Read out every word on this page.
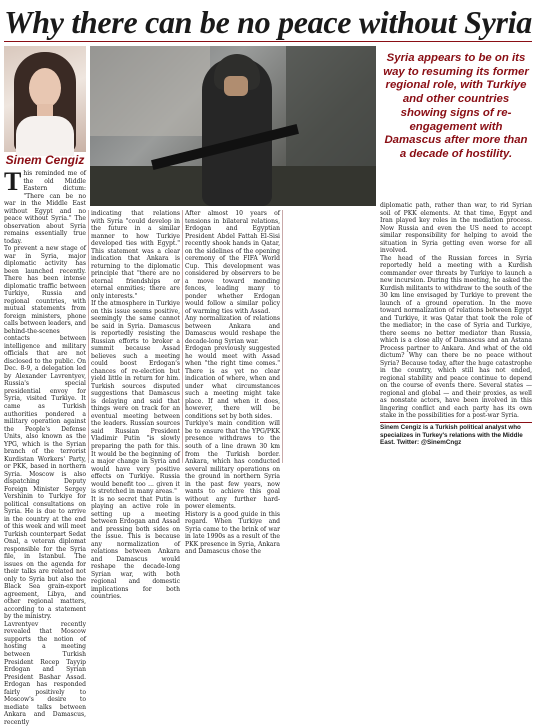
Why there can be no peace without Syria
Sinem Cengiz
Syria appears to be on its way to resuming its former regional role, with Turkiye and other countries showing signs of re-engagement with Damascus after more than a decade of hostility.
T his reminded me of the old Middle Eastern dictum: "There can be no war in the Middle East without Egypt and no peace without Syria." The observation about Syria remains essentially true today.

To prevent a new stage of war in Syria, major diplomatic activity has been launched recently. There has been intense diplomatic traffic between Turkiye, Russia and regional countries, with mutual statements from foreign ministers, phone calls between leaders, and behind-the-scenes contacts between intelligence and military officials that are not disclosed to the public. On Dec. 8-9, a delegation led by Alexander Lavrentyev, Russia's special presidential envoy for Syria, visited Turkiye. It came as Turkish authorities pondered a military operation against the People's Defense Units, also known as the YPG, which is the Syrian branch of the terrorist Kurdistan Workers' Party, or PKK, based in northern Syria. Moscow is also dispatching Deputy Foreign Minister Sergey Vershinin to Turkiye for political consultations on Syria. He is due to arrive in the country at the end of this week and will meet Turkish counterpart Sedat Onal, a veteran diplomat responsible for the Syria file, in Istanbul. The issues on the agenda for their talks are related not only to Syria but also the Black Sea grain-export agreement, Libya, and other regional matters, according to a statement by the ministry.

Lavrentyev recently revealed that Moscow supports the notion of hosting a meeting between Turkish President Recep Tayyip Erdogan and Syrian President Bashar Assad. Erdogan has responded fairly positively to Moscow's desire to mediate talks between Ankara and Damascus, recently

indicating that relations with Syria "could develop in the future in a similar manner to how Turkiye developed ties with Egypt." This statement was a clear indication that Ankara is returning to the diplomatic principle that "there are no eternal friendships or eternal enmities; there are only interests."

If the atmosphere in Turkiye on this issue seems positive, seemingly the same cannot be said in Syria. Damascus is reportedly resisting the Russian efforts to broker a summit because Assad believes such a meeting could boost Erdogan's chances of re-election but yield little in return for him. Turkish sources disputed suggestions that Damascus is delaying and said that things were on track for an eventual meeting between the leaders. Russian sources said Russian President Vladimir Putin "is slowly preparing the path for this. It would be the beginning of a major change in Syria and would have very positive effects on Turkiye. Russia would benefit too ... given it is stretched in many areas."

It is no secret that Putin is playing an active role in setting up a meeting between Erdogan and Assad and pressing both sides on the issue. This is because any normalization of relations between Ankara and Damascus would reshape the decade-long Syrian war, with both regional and domestic implications for both countries.

After almost 10 years of tensions in bilateral relations, Erdogan and Egyptian President Abdel Fattah El-Sisi recently shook hands in Qatar, on the sidelines of the opening ceremony of the FIFA World Cup. This development was considered by observers to be a move toward mending fences, leading many to ponder whether Erdogan would follow a similar policy of warming ties with Assad.

Any normalization of relations between Ankara and Damascus would reshape the decade-long Syrian war.

Erdogan previously suggested he would meet with Assad when "the right time comes." There is as yet no clear indication of where, when and under what circumstances such a meeting might take place. If and when it does, however, there will be conditions set by both sides.

Turkiye's main condition will be to ensure that the YPG/PKK presence withdraws to the south of a line drawn 30 km from the Turkish border. Ankara, which has conducted several military operations on the ground in northern Syria in the past few years, now wants to achieve this goal without any further hard-power elements.

History is a good guide in this regard. When Turkiye and Syria came to the brink of war in late 1990s as a result of the PKK presence in Syria, Ankara and Damascus chose the

diplomatic path, rather than war, to rid Syrian soil of PKK elements. At that time, Egypt and Iran played key roles in the mediation process. Now Russia and even the US need to accept similar responsibility for helping to avoid the situation in Syria getting even worse for all involved.

The head of the Russian forces in Syria reportedly held a meeting with a Kurdish commander over threats by Turkiye to launch a new incursion. During this meeting, he asked the Kurdish militants to withdraw to the south of the 30 km line envisaged by Turkiye to prevent the launch of a ground operation. In the move toward normalization of relations between Egypt and Turkiye, it was Qatar that took the role of the mediator; in the case of Syria and Turkiye, there seems no better mediator than Russia, which is a close ally of Damascus and an Astana Process partner to Ankara. And what of the old dictum? Why can there be no peace without Syria? Because today, after the huge catastrophe in the country, which still has not ended, regional stability and peace continue to depend on the course of events there. Several states — regional and global — and their proxies, as well as nonstate actors, have been involved in this lingering conflict and each party has its own stake in the possibilities for a post-war Syria.

Sinem Cengiz is a Turkish political analyst who specializes in Turkey's relations with the Middle East. Twitter: @SinemCngz
